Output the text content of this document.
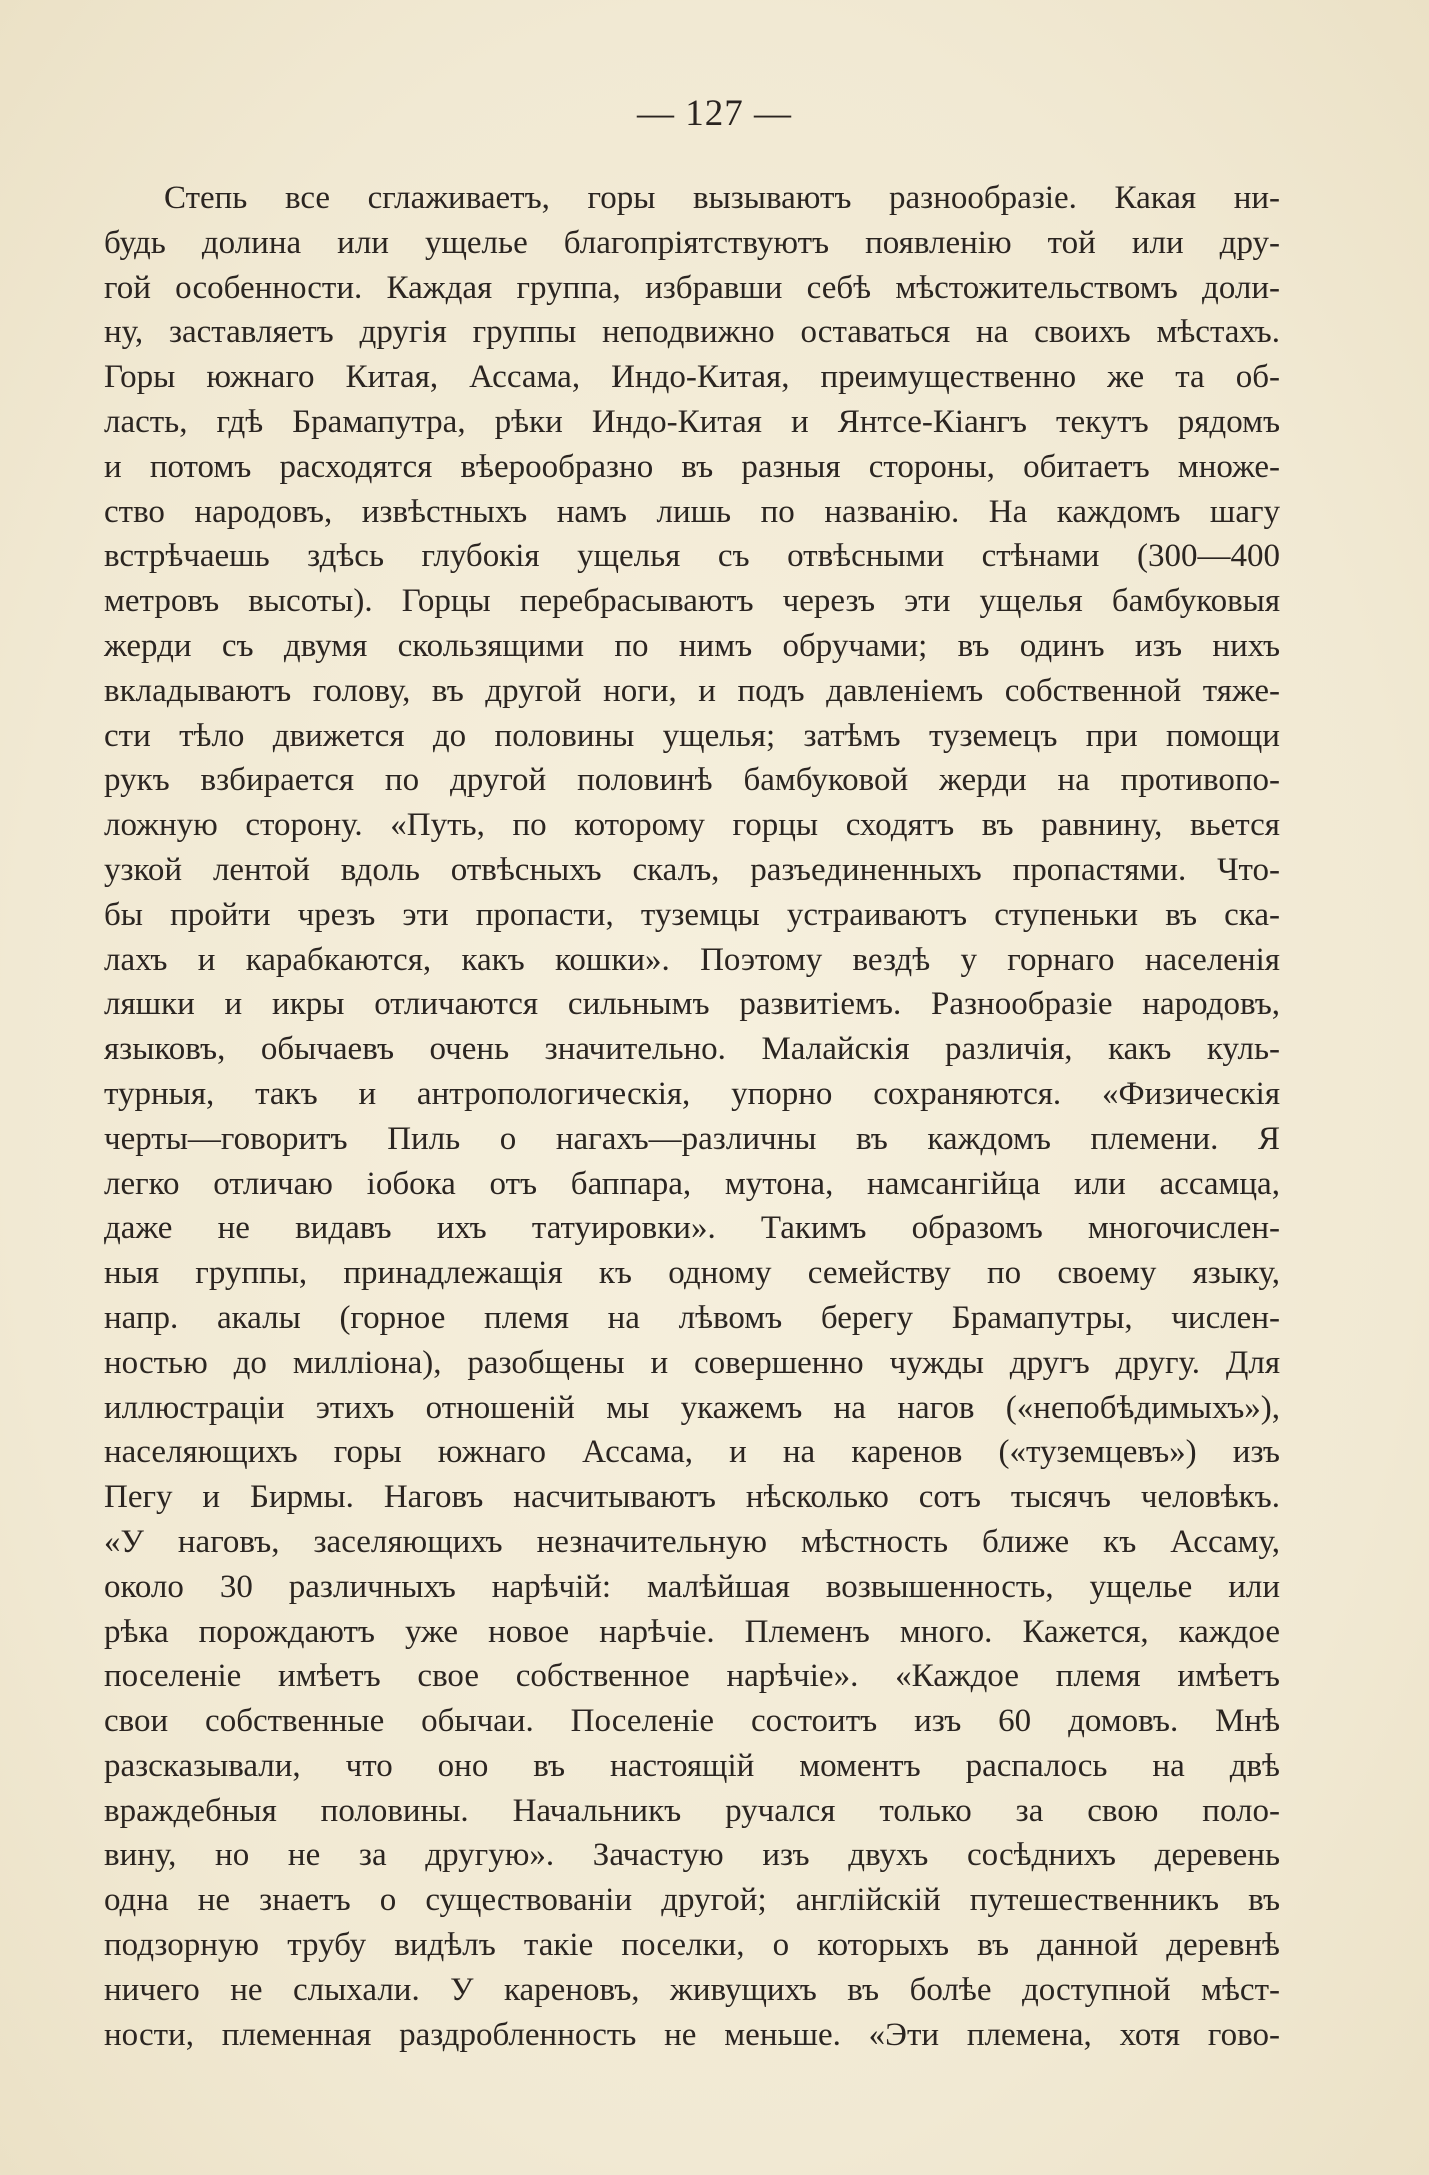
— 127 —
Степь все сглаживаетъ, горы вызываютъ разнообразіе. Какая ни-
будь долина или ущелье благопріятствуютъ появленію той или дру-
гой особенности. Каждая группа, избравши себѣ мѣстожительствомъ доли-
ну, заставляетъ другія группы неподвижно оставаться на своихъ мѣстахъ.
Горы южнаго Китая, Ассама, Индо-Китая, преимущественно же та об-
ласть, гдѣ Брамапутра, рѣки Индо-Китая и Янтсе-Кіангъ текутъ рядомъ
и потомъ расходятся вѣерообразно въ разныя стороны, обитаетъ множе-
ство народовъ, извѣстныхъ намъ лишь по названію. На каждомъ шагу
встрѣчаешь здѣсь глубокія ущелья съ отвѣсными стѣнами (300—400
метровъ высоты). Горцы перебрасываютъ черезъ эти ущелья бамбуковыя
жерди съ двумя скользящими по нимъ обручами; въ одинъ изъ нихъ
вкладываютъ голову, въ другой ноги, и подъ давленіемъ собственной тяже-
сти тѣло движется до половины ущелья; затѣмъ туземецъ при помощи
рукъ взбирается по другой половинѣ бамбуковой жерди на противопо-
ложную сторону. «Путь, по которому горцы сходятъ въ равнину, вьется
узкой лентой вдоль отвѣсныхъ скалъ, разъединенныхъ пропастями. Что-
бы пройти чрезъ эти пропасти, туземцы устраиваютъ ступеньки въ ска-
лахъ и карабкаются, какъ кошки». Поэтому вездѣ у горнаго населенія
ляшки и икры отличаются сильнымъ развитіемъ. Разнообразіе народовъ,
языковъ, обычаевъ очень значительно. Малайскія различія, какъ куль-
турныя, такъ и антропологическія, упорно сохраняются. «Физическія
черты—говоритъ Пиль о нагахъ—различны въ каждомъ племени. Я
легко отличаю іобока отъ баппара, мутона, намсангійца или ассамца,
даже не видавъ ихъ татуировки». Такимъ образомъ многочислен-
ныя группы, принадлежащія къ одному семейству по своему языку,
напр. акалы (горное племя на лѣвомъ берегу Брамапутры, числен-
ностью до милліона), разобщены и совершенно чужды другъ другу. Для
иллюстраціи этихъ отношеній мы укажемъ на нагов («непобѣдимыхъ»),
населяющихъ горы южнаго Ассама, и на каренов («туземцевъ») изъ
Пегу и Бирмы. Наговъ насчитываютъ нѣсколько сотъ тысячъ человѣкъ.
«У наговъ, заселяющихъ незначительную мѣстность ближе къ Ассаму,
около 30 различныхъ нарѣчій: малѣйшая возвышенность, ущелье или
рѣка порождаютъ уже новое нарѣчіе. Племенъ много. Кажется, каждое
поселеніе имѣетъ свое собственное нарѣчіе». «Каждое племя имѣетъ
свои собственные обычаи. Поселеніе состоитъ изъ 60 домовъ. Мнѣ
разсказывали, что оно въ настоящій моментъ распалось на двѣ
враждебныя половины. Начальникъ ручался только за свою поло-
вину, но не за другую». Зачастую изъ двухъ сосѣднихъ деревень
одна не знаетъ о существованіи другой; англійскій путешественникъ въ
подзорную трубу видѣлъ такіе поселки, о которыхъ въ данной деревнѣ
ничего не слыхали. У кареновъ, живущихъ въ болѣе доступной мѣст-
ности, племенная раздробленность не меньше. «Эти племена, хотя гово-
